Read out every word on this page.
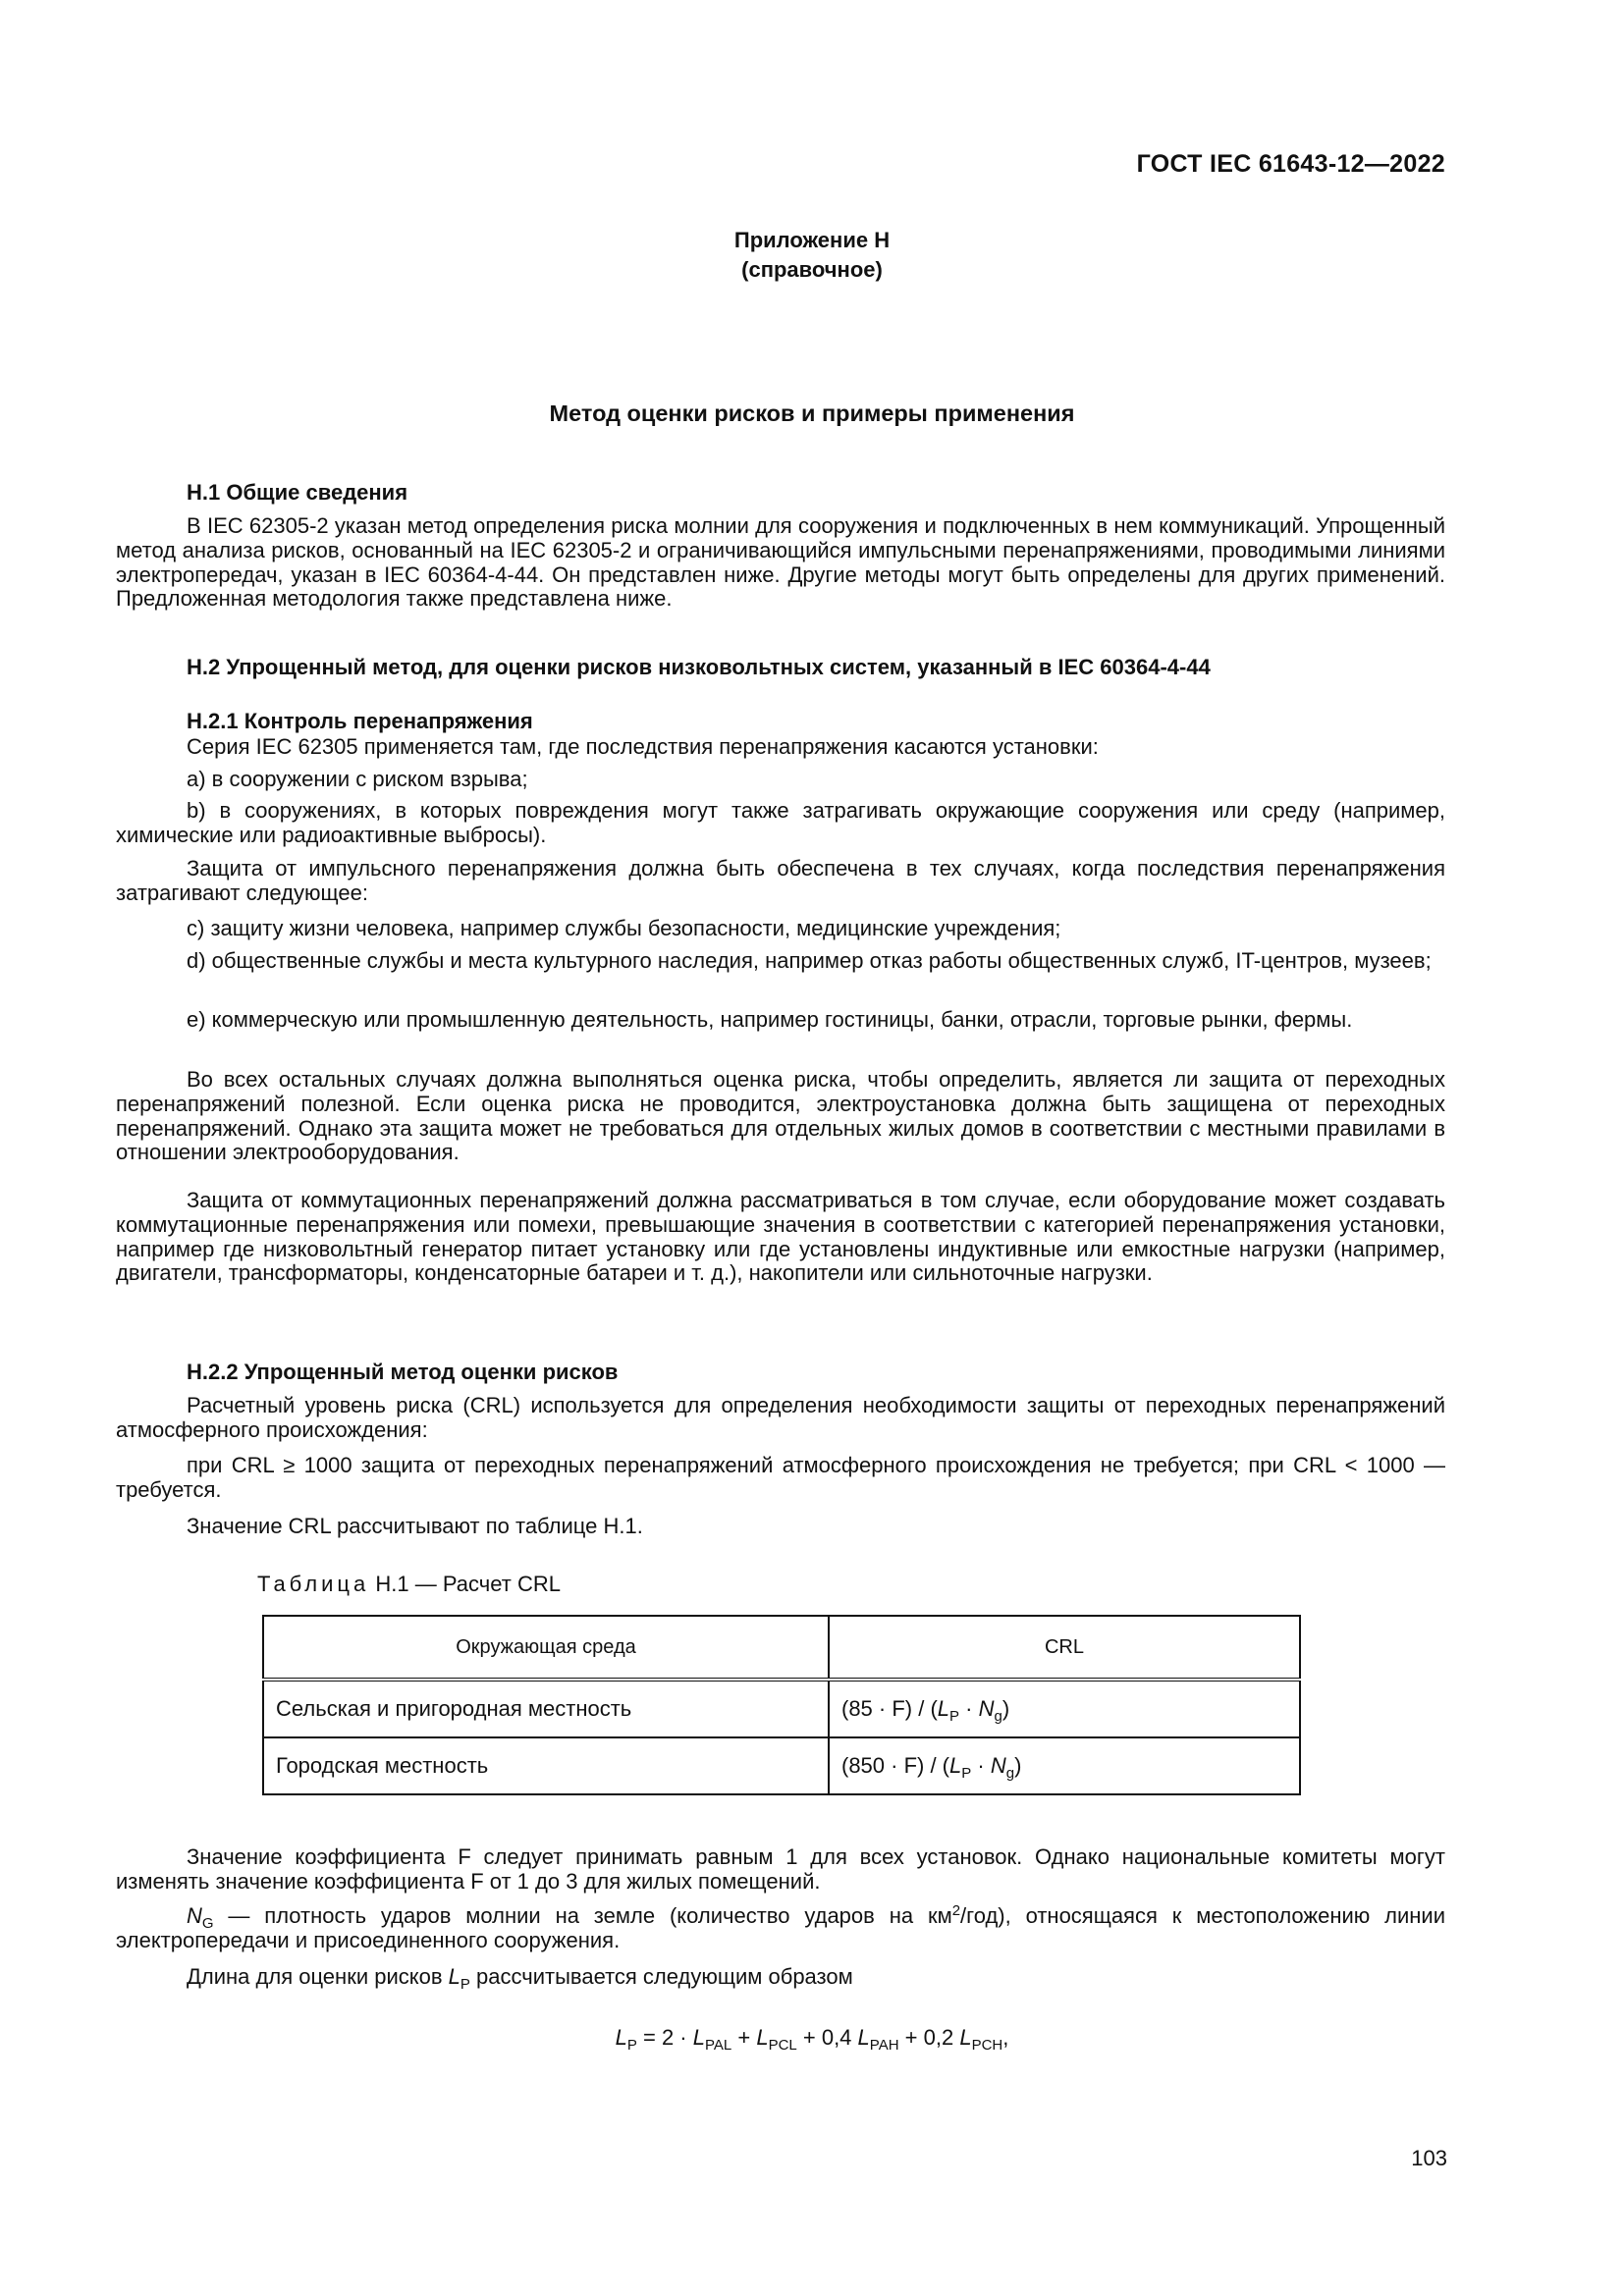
ГОСТ IEC 61643-12—2022
Приложение H
(справочное)
Метод оценки рисков и примеры применения
H.1 Общие сведения
В IEC 62305-2 указан метод определения риска молнии для сооружения и подключенных в нем коммуникаций. Упрощенный метод анализа рисков, основанный на IEC 62305-2 и ограничивающийся импульсными перенапряжениями, проводимыми линиями электропередач, указан в IEC 60364-4-44. Он представлен ниже. Другие методы могут быть определены для других применений. Предложенная методология также представлена ниже.
H.2 Упрощенный метод, для оценки рисков низковольтных систем, указанный в IEC 60364-4-44
H.2.1 Контроль перенапряжения
Серия IEC 62305 применяется там, где последствия перенапряжения касаются установки:
a) в сооружении с риском взрыва;
b) в сооружениях, в которых повреждения могут также затрагивать окружающие сооружения или среду (например, химические или радиоактивные выбросы).
Защита от импульсного перенапряжения должна быть обеспечена в тех случаях, когда последствия перенапряжения затрагивают следующее:
c) защиту жизни человека, например службы безопасности, медицинские учреждения;
d) общественные службы и места культурного наследия, например отказ работы общественных служб, IT-центров, музеев;
e) коммерческую или промышленную деятельность, например гостиницы, банки, отрасли, торговые рынки, фермы.
Во всех остальных случаях должна выполняться оценка риска, чтобы определить, является ли защита от переходных перенапряжений полезной. Если оценка риска не проводится, электроустановка должна быть защищена от переходных перенапряжений. Однако эта защита может не требоваться для отдельных жилых домов в соответствии с местными правилами в отношении электрооборудования.
Защита от коммутационных перенапряжений должна рассматриваться в том случае, если оборудование может создавать коммутационные перенапряжения или помехи, превышающие значения в соответствии с категорией перенапряжения установки, например где низковольтный генератор питает установку или где установлены индуктивные или емкостные нагрузки (например, двигатели, трансформаторы, конденсаторные батареи и т. д.), накопители или сильноточные нагрузки.
H.2.2 Упрощенный метод оценки рисков
Расчетный уровень риска (CRL) используется для определения необходимости защиты от переходных перенапряжений атмосферного происхождения:
при CRL ≥ 1000 защита от переходных перенапряжений атмосферного происхождения не требуется; при CRL < 1000 — требуется.
Значение CRL рассчитывают по таблице H.1.
Таблица H.1 — Расчет CRL
Окружающая среда	CRL
Сельская и пригородная местность	$(85 \cdot F) / (L_P \cdot N_g)$
Городская местность	$(850 \cdot F) / (L_P \cdot N_g)$
Значение коэффициента F следует принимать равным 1 для всех установок. Однако национальные комитеты могут изменять значение коэффициента F от 1 до 3 для жилых помещений.
$N_G$ — плотность ударов молнии на земле (количество ударов на $км^2/год$), относящаяся к местоположению линии электропередачи и присоединенного сооружения.
Длина для оценки рисков $L_P$ рассчитывается следующим образом
$L_P = 2 \cdot L_{PAL} + L_{PCL} + 0,4$ $L_{PAH} + 0,2$ $L_{PCH}$,
103
